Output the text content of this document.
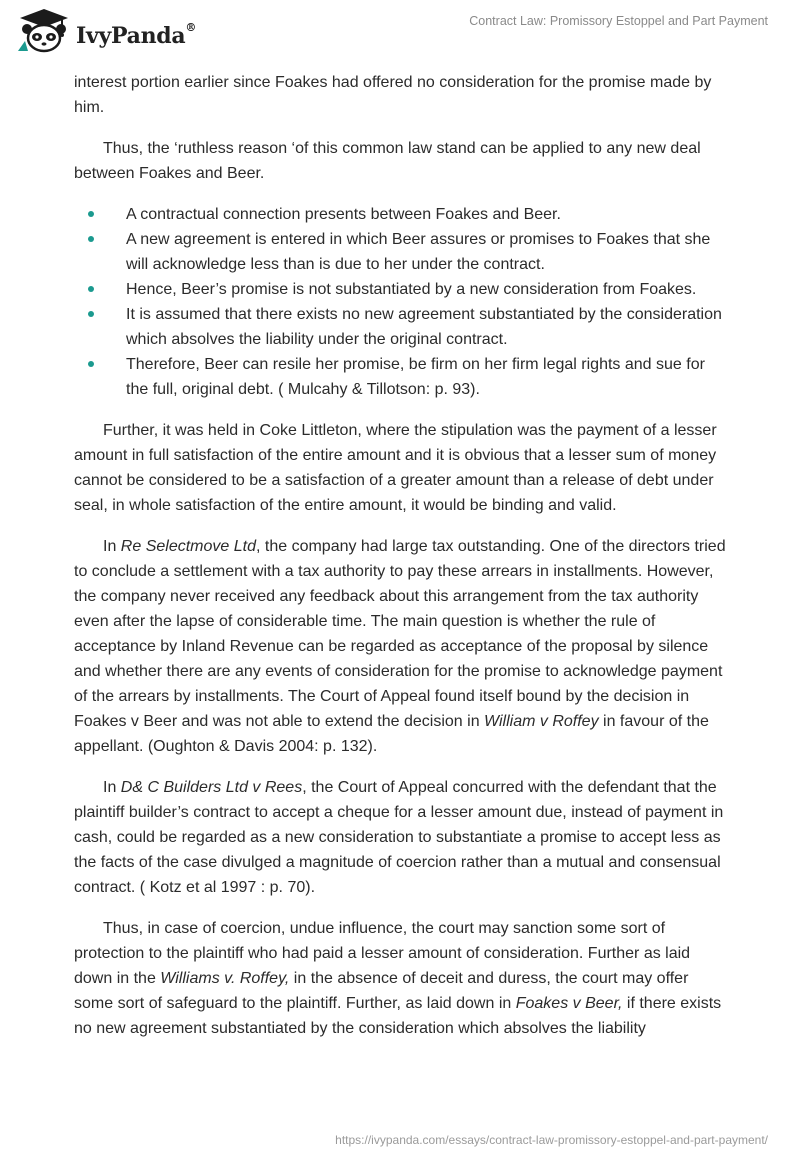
IvyPanda®	Contract Law: Promissory Estoppel and Part Payment

interest portion earlier since Foakes had offered no consideration for the promise made by him.

Thus, the ‘ruthless reason ‘of this common law stand can be applied to any new deal between Foakes and Beer.

A contractual connection presents between Foakes and Beer.
A new agreement is entered in which Beer assures or promises to Foakes that she will acknowledge less than is due to her under the contract.
Hence, Beer’s promise is not substantiated by a new consideration from Foakes.
It is assumed that there exists no new agreement substantiated by the consideration which absolves the liability under the original contract.
Therefore, Beer can resile her promise, be firm on her firm legal rights and sue for the full, original debt. ( Mulcahy & Tillotson: p. 93).

Further, it was held in Coke Littleton, where the stipulation was the payment of a lesser amount in full satisfaction of the entire amount and it is obvious that a lesser sum of money cannot be considered to be a satisfaction of a greater amount than a release of debt under seal, in whole satisfaction of the entire amount, it would be binding and valid.

In Re Selectmove Ltd, the company had large tax outstanding. One of the directors tried to conclude a settlement with a tax authority to pay these arrears in installments. However, the company never received any feedback about this arrangement from the tax authority even after the lapse of considerable time. The main question is whether the rule of acceptance by Inland Revenue can be regarded as acceptance of the proposal by silence and whether there are any events of consideration for the promise to acknowledge payment of the arrears by installments. The Court of Appeal found itself bound by the decision in Foakes v Beer and was not able to extend the decision in William v Roffey in favour of the appellant. (Oughton & Davis 2004: p. 132).

In D& C Builders Ltd v Rees, the Court of Appeal concurred with the defendant that the plaintiff builder’s contract to accept a cheque for a lesser amount due, instead of payment in cash, could be regarded as a new consideration to substantiate a promise to accept less as the facts of the case divulged a magnitude of coercion rather than a mutual and consensual contract. ( Kotz et al 1997 : p. 70).

Thus, in case of coercion, undue influence, the court may sanction some sort of protection to the plaintiff who had paid a lesser amount of consideration. Further as laid down in the Williams v. Roffey, in the absence of deceit and duress, the court may offer some sort of safeguard to the plaintiff. Further, as laid down in Foakes v Beer, if there exists no new agreement substantiated by the consideration which absolves the liability

https://ivypanda.com/essays/contract-law-promissory-estoppel-and-part-payment/
